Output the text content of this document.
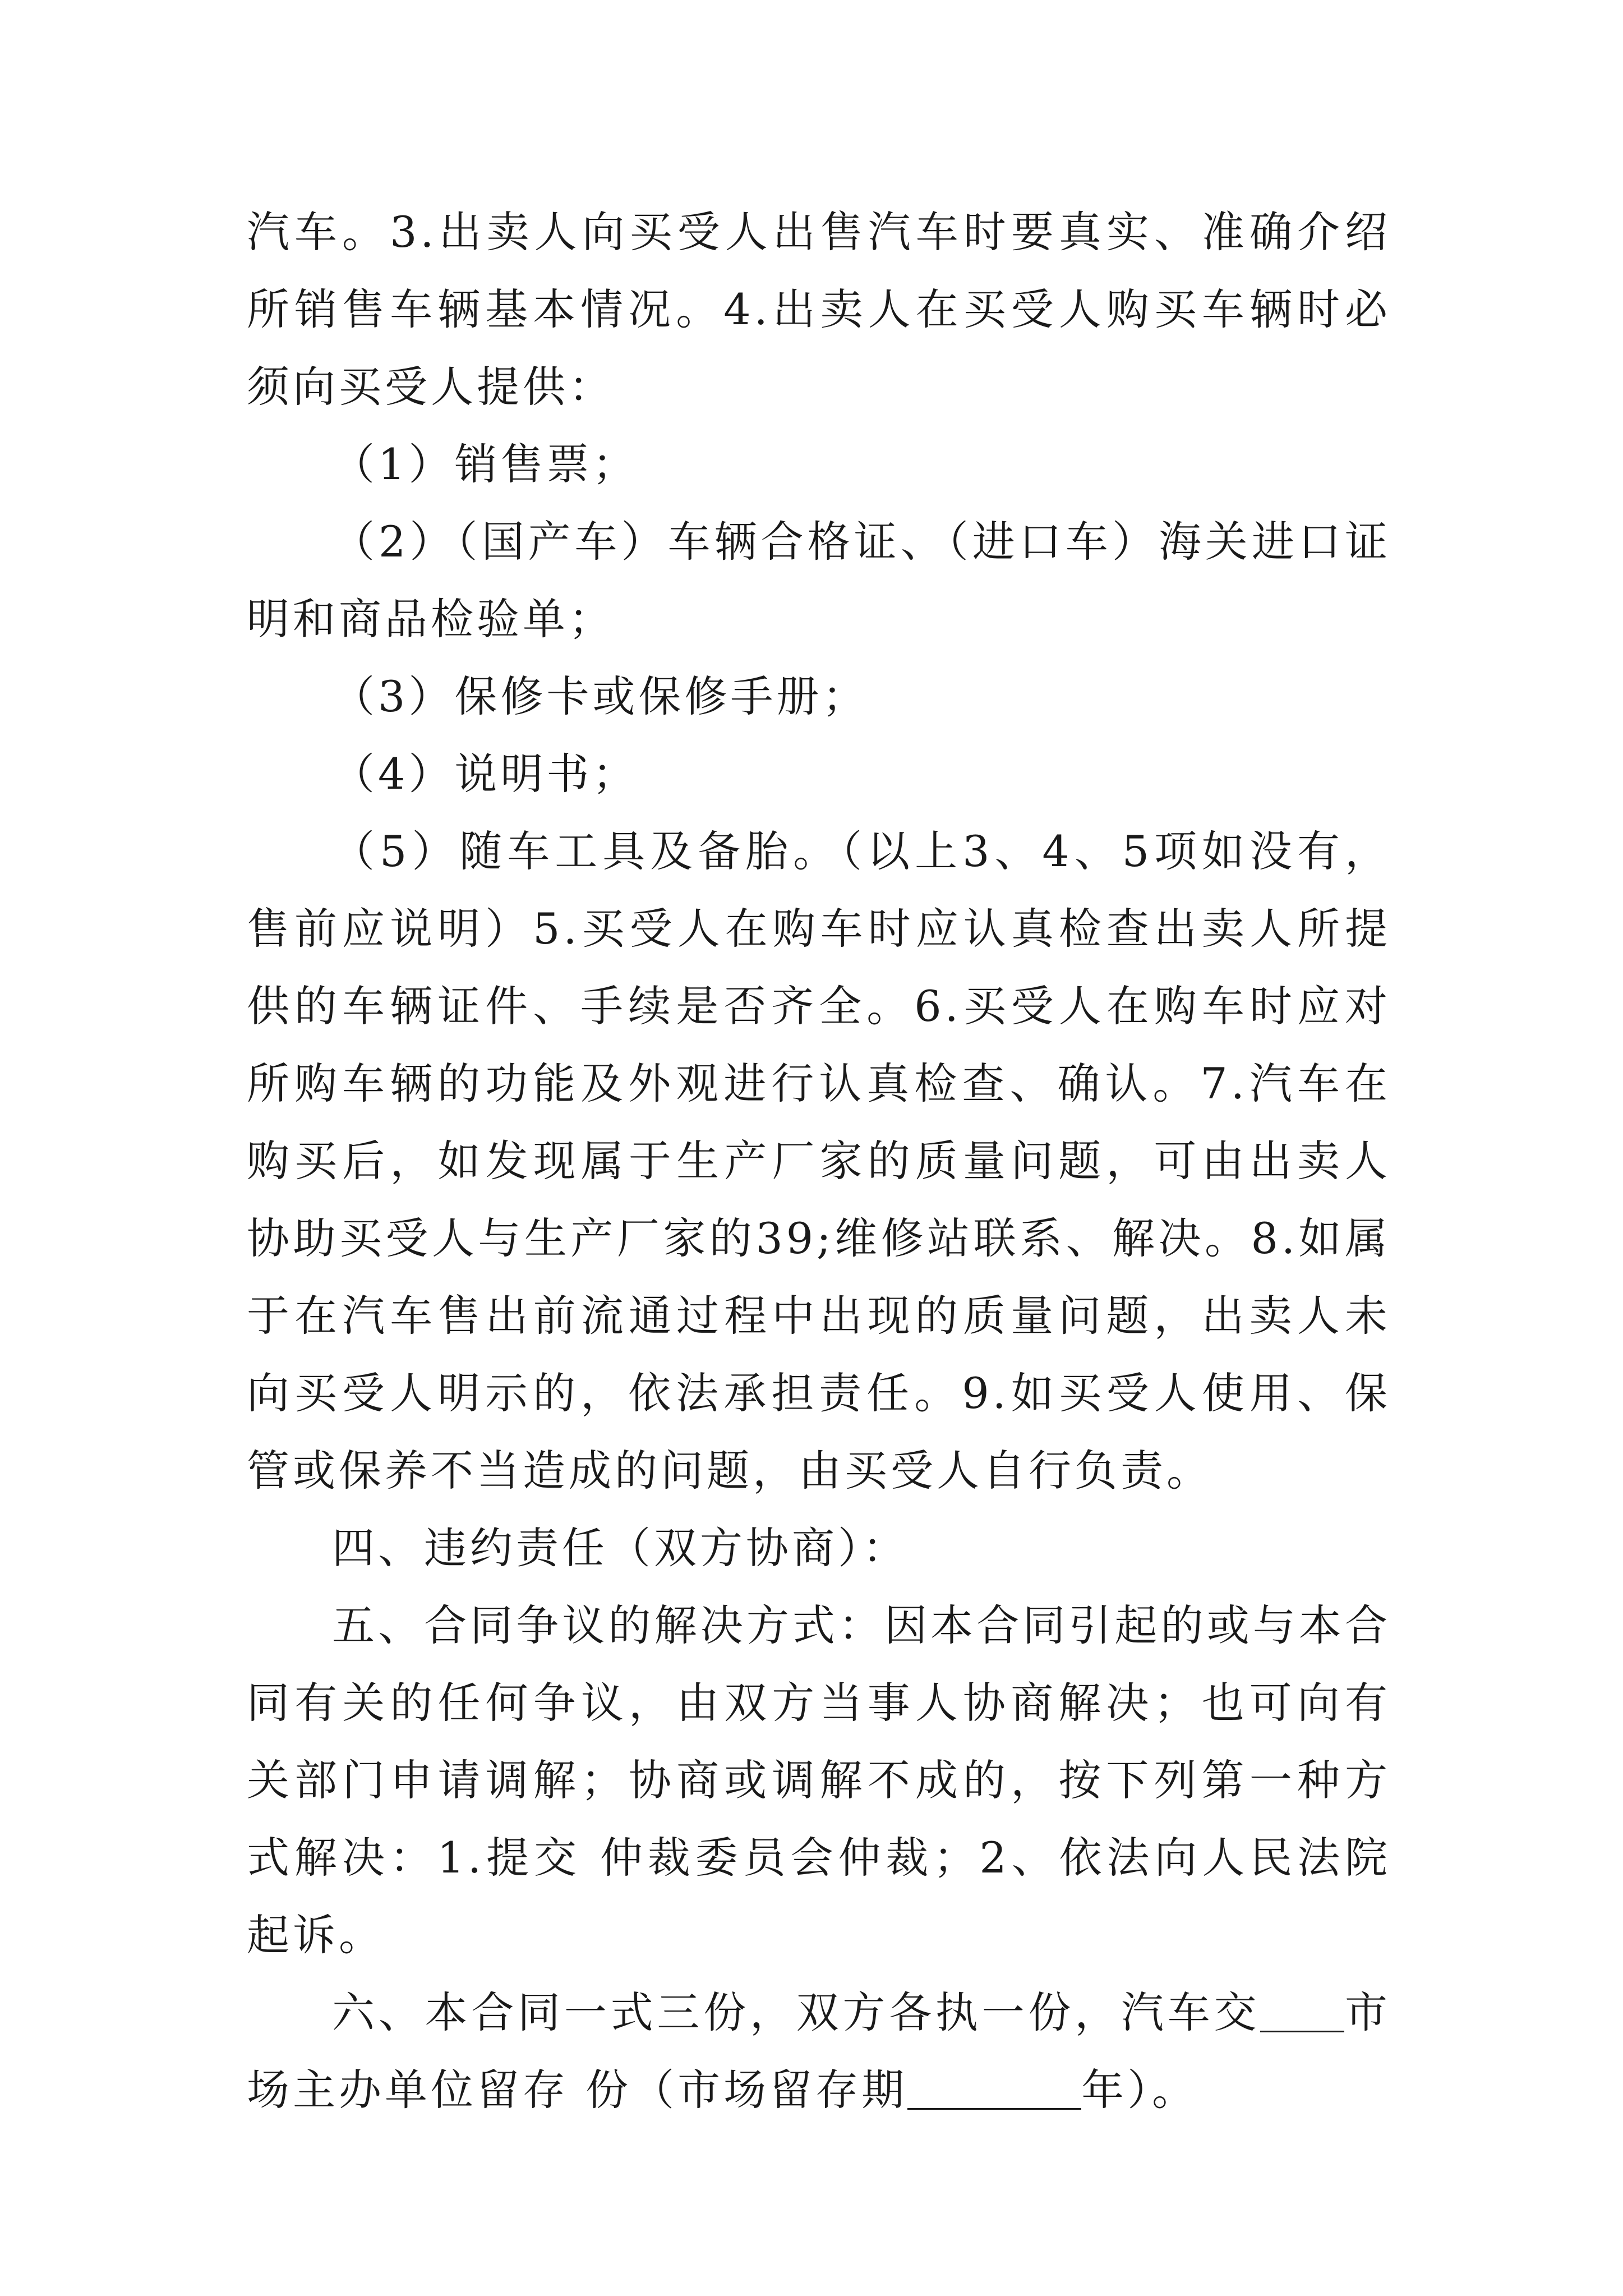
汽车。3.出卖人向买受人出售汽车时要真实、准确介绍所销售车辆基本情况。4.出卖人在买受人购买车辆时必须向买受人提供：

（1）销售票；

（2）（国产车）车辆合格证、（进口车）海关进口证明和商品检验单；

（3）保修卡或保修手册；

（4）说明书；

（5）随车工具及备胎。（以上3、4、5项如没有，售前应说明）5.买受人在购车时应认真检查出卖人所提供的车辆证件、手续是否齐全。6.买受人在购车时应对所购车辆的功能及外观进行认真检查、确认。7.汽车在购买后，如发现属于生产厂家的质量问题，可由出卖人协助买受人与生产厂家的39;维修站联系、解决。8.如属于在汽车售出前流通过程中出现的质量问题，出卖人未向买受人明示的，依法承担责任。9.如买受人使用、保管或保养不当造成的问题，由买受人自行负责。

四、违约责任（双方协商）：

五、合同争议的解决方式：因本合同引起的或与本合同有关的任何争议，由双方当事人协商解决；也可向有关部门申请调解；协商或调解不成的，按下列第一种方式解决：1.提交 仲裁委员会仲裁；2、依法向人民法院起诉。

六、本合同一式三份，双方各执一份，汽车交 市场主办单位留存 份（市场留存期	年）。
